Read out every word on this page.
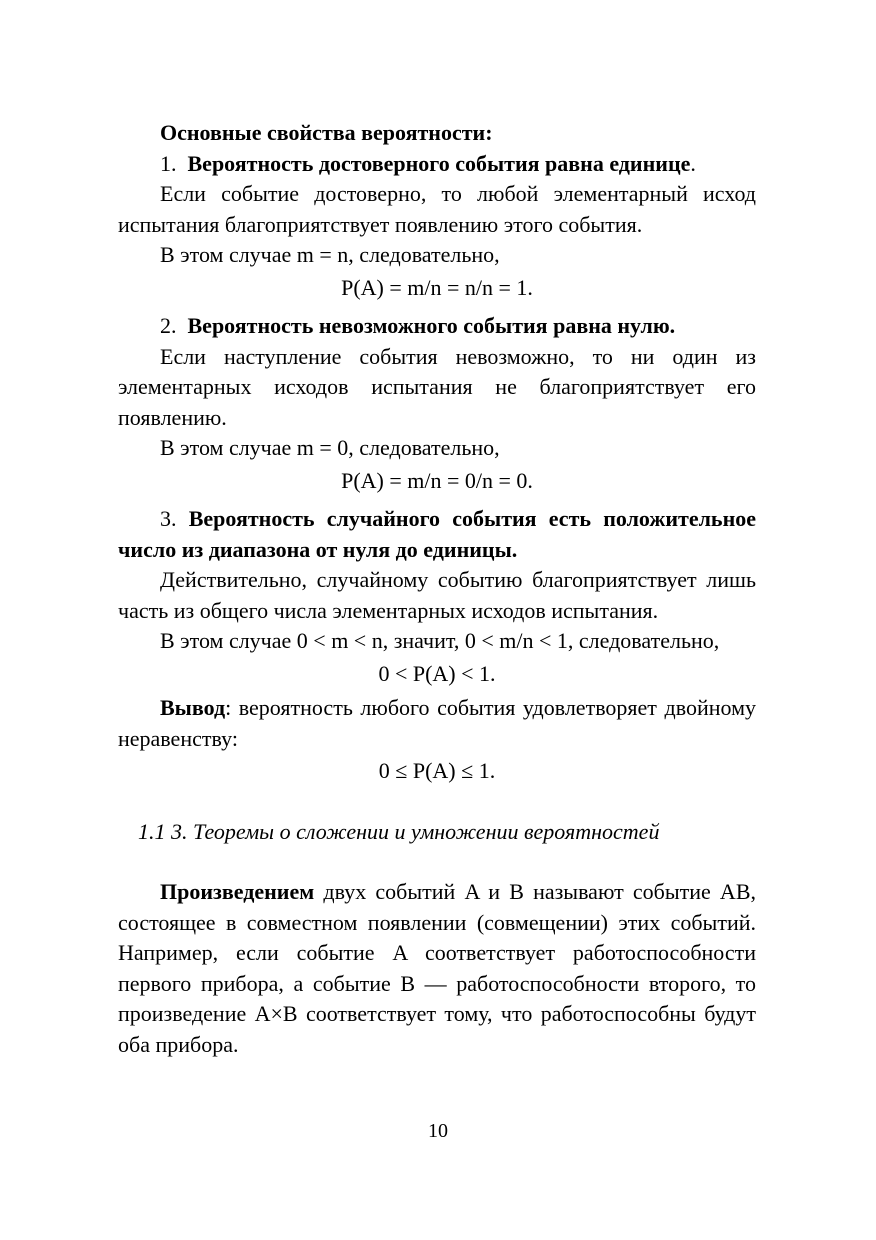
Основные свойства вероятности:

1. Вероятность достоверного события равна единице.

Если событие достоверно, то любой элементарный исход испытания благоприятствует появлению этого события.

В этом случае m = n, следовательно,

P(A) = m/n = n/n = 1.

2. Вероятность невозможного события равна нулю.

Если наступление события невозможно, то ни один из элементарных исходов испытания не благоприятствует его появлению.

В этом случае m = 0, следовательно,

P(A) = m/n = 0/n = 0.

3. Вероятность случайного события есть положительное число из диапазона от нуля до единицы.

Действительно, случайному событию благоприятствует лишь часть из общего числа элементарных исходов испытания.

В этом случае 0 < m < n, значит, 0 < m/n < 1, следовательно,

0 < P(A) < 1.

Вывод: вероятность любого события удовлетворяет двойному неравенству:

0 ≤ P(A) ≤ 1.
1.1 3. Теоремы о сложении и умножении вероятностей

Произведением двух событий A и B называют событие AB, состоящее в совместном появлении (совмещении) этих событий. Например, если событие A соответствует работоспособности первого прибора, а событие B — работоспособности второго, то произведение A×B соответствует тому, что работоспособны будут оба прибора.

10
